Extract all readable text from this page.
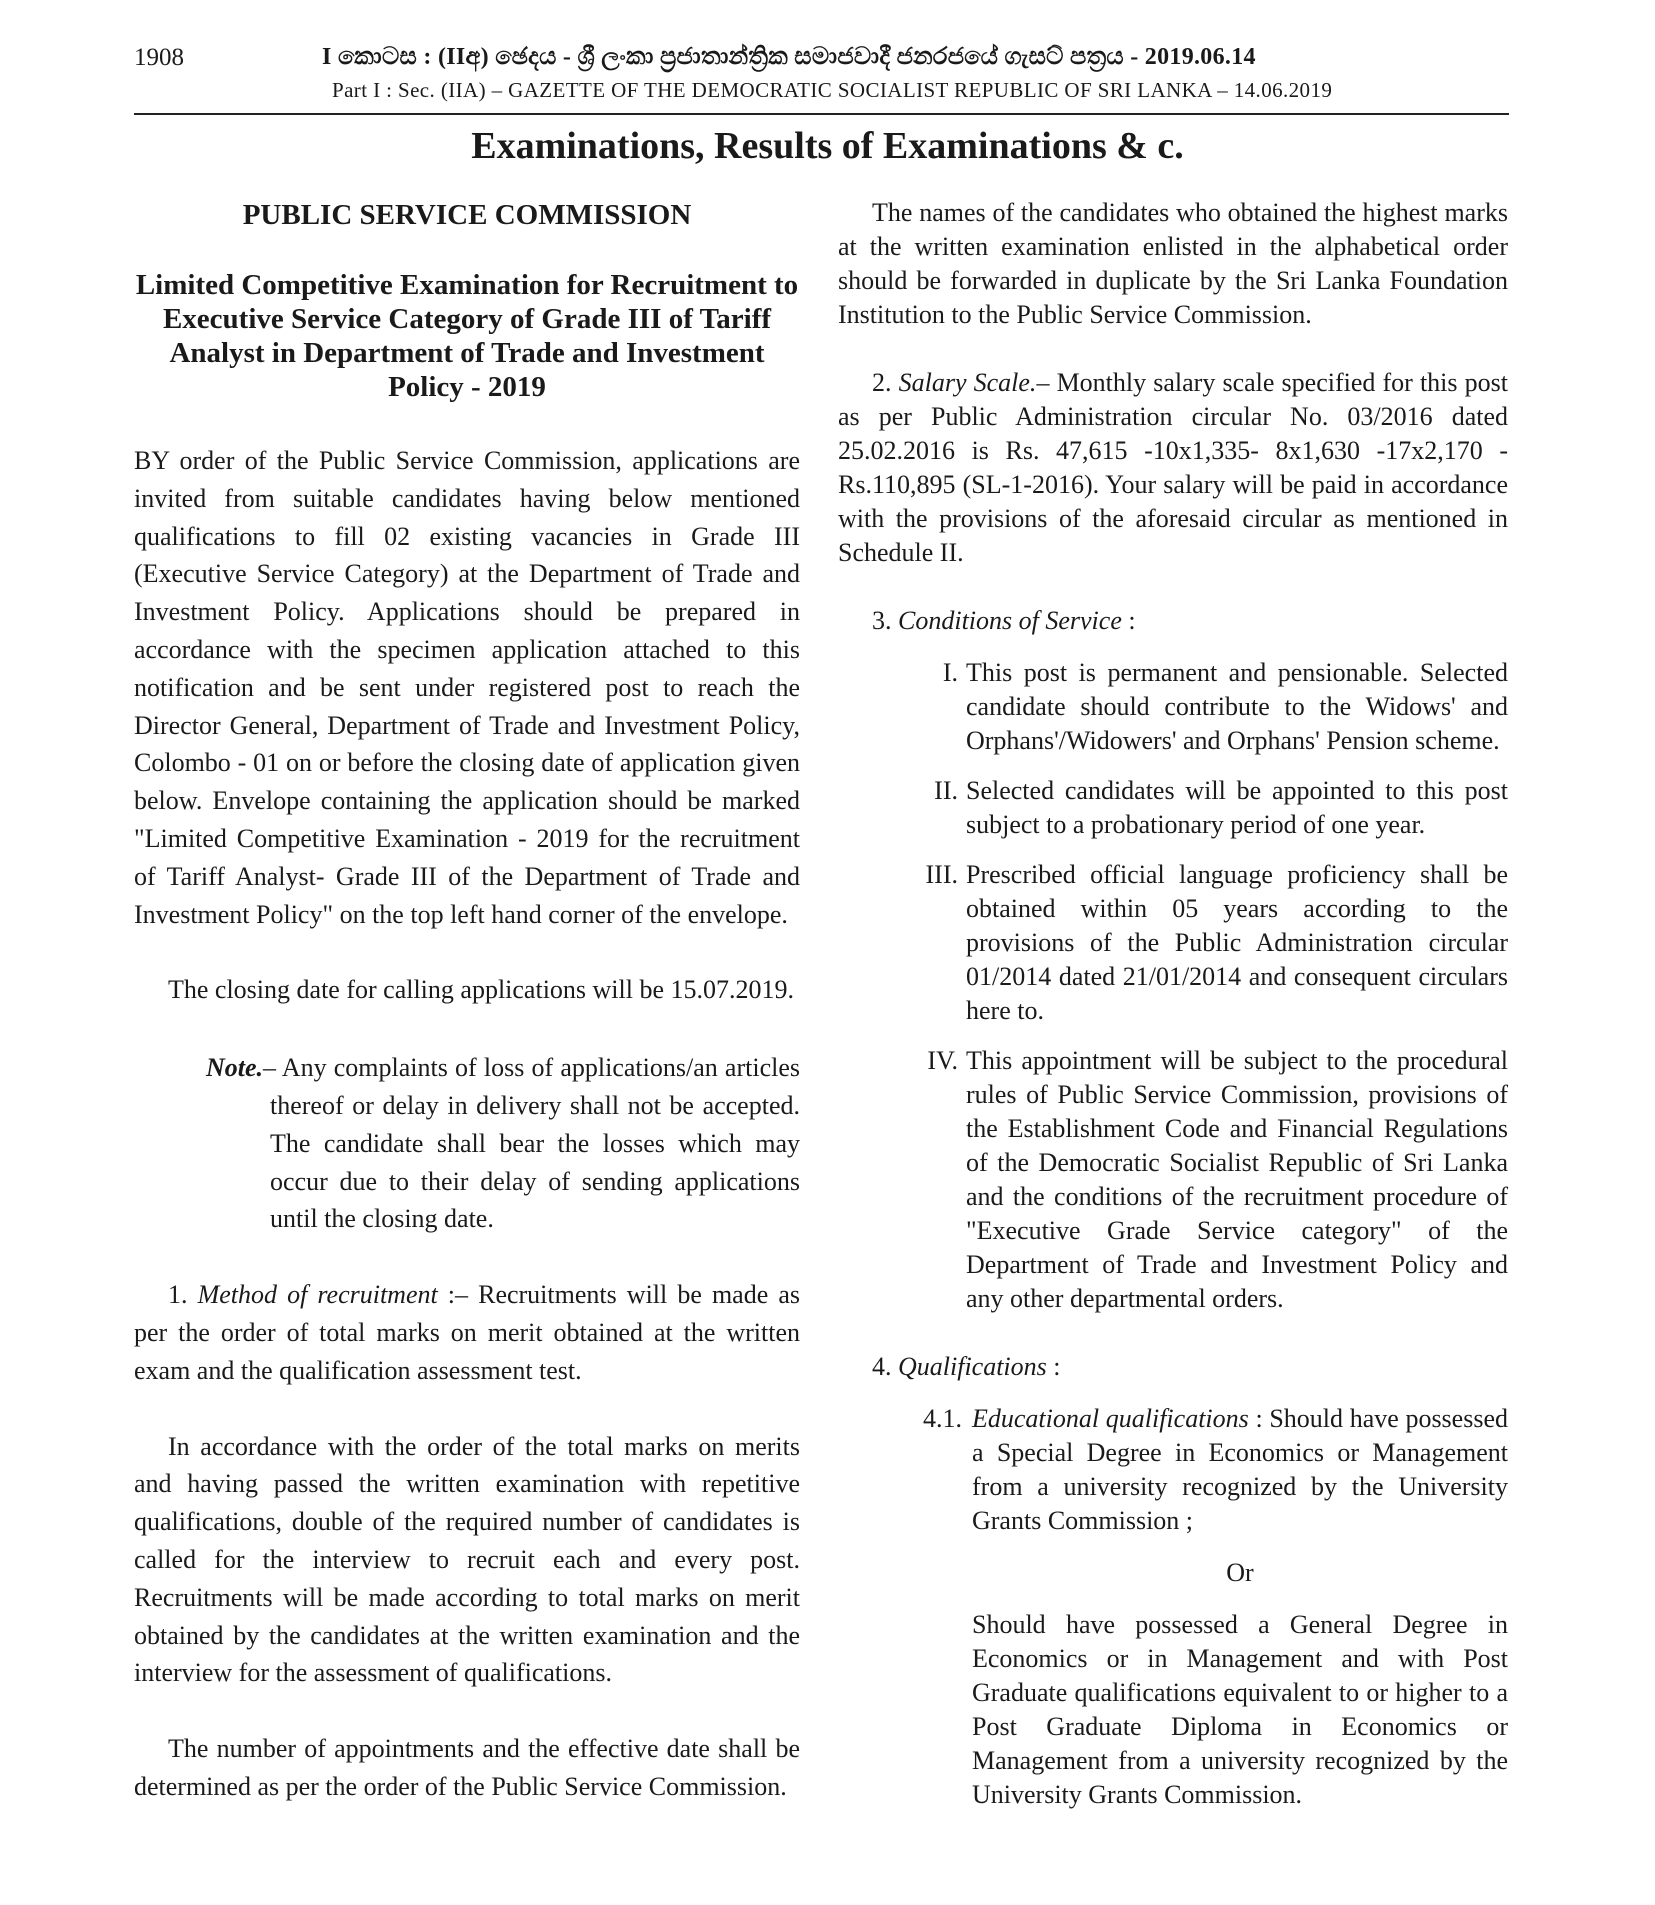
1908	I කොටස : (IIඅ) ඡෙදය - ශ්‍රී ලංකා ප්‍රජාතාන්ත්‍රික සමාජවාදී ජනරජයේ ගැසට් පත්‍රය - 2019.06.14
Part I : Sec. (IIA) – GAZETTE OF THE DEMOCRATIC SOCIALIST REPUBLIC OF SRI LANKA – 14.06.2019
Examinations, Results of Examinations & c.

PUBLIC SERVICE COMMISSION

Limited Competitive Examination for Recruitment to Executive Service Category of Grade III of Tariff Analyst in Department of Trade and Investment Policy - 2019

BY order of the Public Service Commission, applications are invited from suitable candidates having below mentioned qualifications to fill 02 existing vacancies in Grade III (Executive Service Category) at the Department of Trade and Investment Policy. Applications should be prepared in accordance with the specimen application attached to this notification and be sent under registered post to reach the Director General, Department of Trade and Investment Policy, Colombo - 01 on or before the closing date of application given below. Envelope containing the application should be marked "Limited Competitive Examination - 2019 for the recruitment of Tariff Analyst- Grade III of the Department of Trade and Investment Policy" on the top left hand corner of the envelope.

The closing date for calling applications will be 15.07.2019.

Note.– Any complaints of loss of applications/an articles thereof or delay in delivery shall not be accepted. The candidate shall bear the losses which may occur due to their delay of sending applications until the closing date.

1. Method of recruitment :– Recruitments will be made as per the order of total marks on merit obtained at the written exam and the qualification assessment test.

In accordance with the order of the total marks on merits and having passed the written examination with repetitive qualifications, double of the required number of candidates is called for the interview to recruit each and every post. Recruitments will be made according to total marks on merit obtained by the candidates at the written examination and the interview for the assessment of qualifications.

The number of appointments and the effective date shall be determined as per the order of the Public Service Commission.

The names of the candidates who obtained the highest marks at the written examination enlisted in the alphabetical order should be forwarded in duplicate by the Sri Lanka Foundation Institution to the Public Service Commission.

2. Salary Scale.– Monthly salary scale specified for this post as per Public Administration circular No. 03/2016 dated 25.02.2016 is Rs. 47,615 -10x1,335- 8x1,630 -17x2,170 - Rs.110,895 (SL-1-2016). Your salary will be paid in accordance with the provisions of the aforesaid circular as mentioned in Schedule II.

3. Conditions of Service :

I. This post is permanent and pensionable. Selected candidate should contribute to the Widows' and Orphans'/Widowers' and Orphans' Pension scheme.
II. Selected candidates will be appointed to this post subject to a probationary period of one year.
III. Prescribed official language proficiency shall be obtained within 05 years according to the provisions of the Public Administration circular 01/2014 dated 21/01/2014 and consequent circulars here to.
IV. This appointment will be subject to the procedural rules of Public Service Commission, provisions of the Establishment Code and Financial Regulations of the Democratic Socialist Republic of Sri Lanka and the conditions of the recruitment procedure of "Executive Grade Service category" of the Department of Trade and Investment Policy and any other departmental orders.

4. Qualifications :

4.1. Educational qualifications : Should have possessed a Special Degree in Economics or Management from a university recognized by the University Grants Commission ;

Or

Should have possessed a General Degree in Economics or in Management and with Post Graduate qualifications equivalent to or higher to a Post Graduate Diploma in Economics or Management from a university recognized by the University Grants Commission.
